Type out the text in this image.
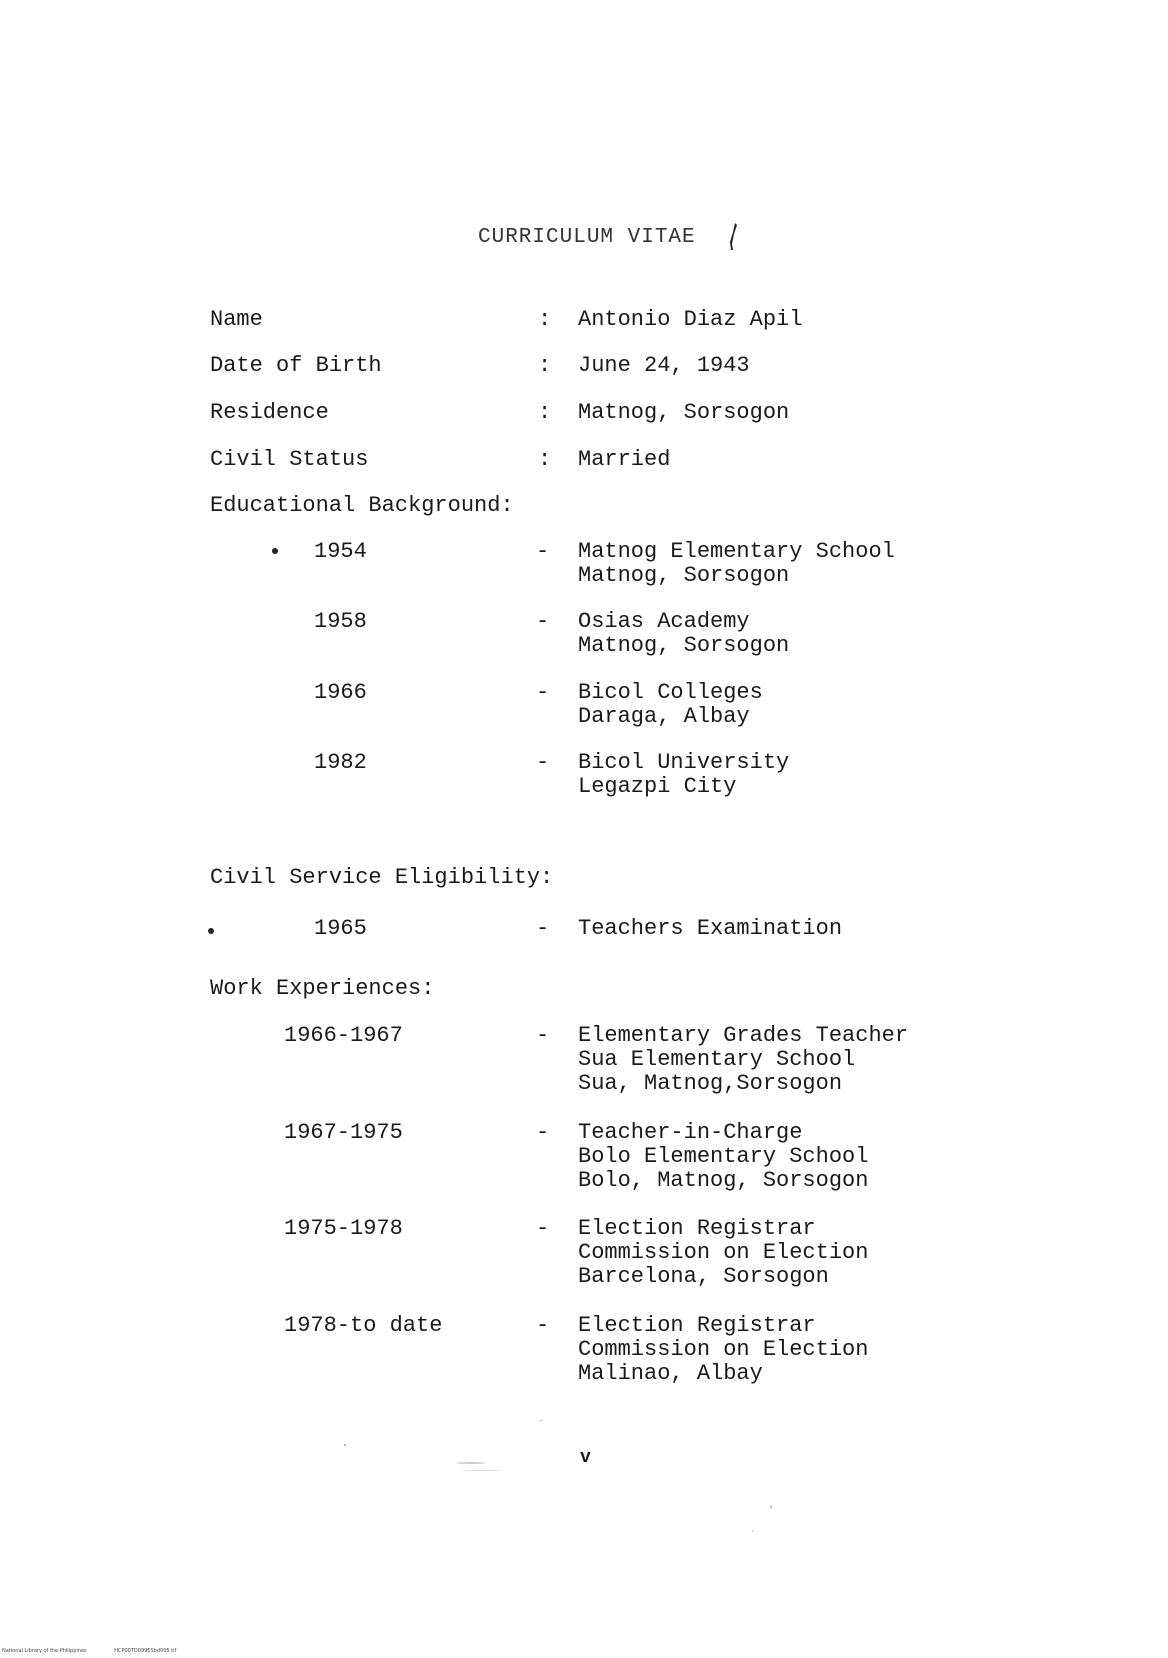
CURRICULUM VITAE
Name	: Antonio Diaz Apil
Date of Birth	: June 24, 1943
Residence	: Matnog, Sorsogon
Civil Status	: Married
Educational Background:
1954	- Matnog Elementary School
Matnog, Sorsogon
1958	- Osias Academy
Matnog, Sorsogon
1966	- Bicol Colleges
Daraga, Albay
1982	- Bicol University
Legazpi City
Civil Service Eligibility:
1965	- Teachers Examination
Work Experiences:
1966-1967	- Elementary Grades Teacher
Sua Elementary School
Sua, Matnog,Sorsogon
1967-1975	- Teacher-in-Charge
Bolo Elementary School
Bolo, Matnog, Sorsogon
1975-1978	- Election Registrar
Commission on Election
Barcelona, Sorsogon
1978-to date	- Election Registrar
Commission on Election
Malinao, Albay
v
National Library of the Philippines	HCP00TD0996Sbd005 tif
